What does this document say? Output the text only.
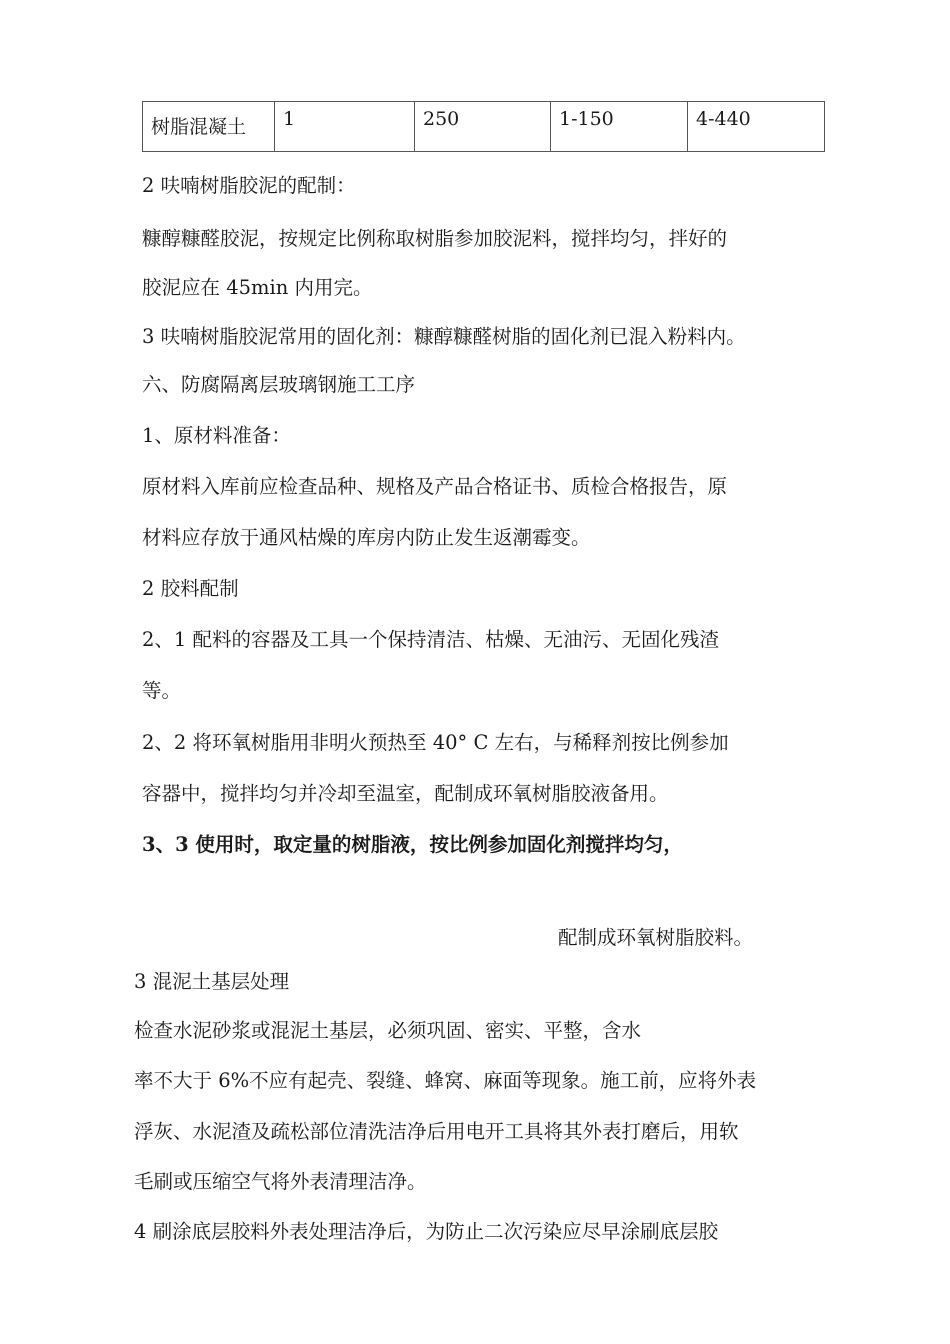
树脂混凝土	1	250	1-150	4-440
2 呋喃树脂胶泥的配制：
糠醇糠醛胶泥，按规定比例称取树脂参加胶泥料，搅拌均匀，拌好的
胶泥应在 45min 内用完。
3 呋喃树脂胶泥常用的固化剂：糠醇糠醛树脂的固化剂已混入粉料内。
六、防腐隔离层玻璃钢施工工序
1、原材料准备：
原材料入库前应检查品种、规格及产品合格证书、质检合格报告，原
材料应存放于通风枯燥的库房内防止发生返潮霉变。
2 胶料配制
2、1 配料的容器及工具一个保持清洁、枯燥、无油污、无固化残渣
等。
2、2 将环氧树脂用非明火预热至 40° C 左右，与稀释剂按比例参加
容器中，搅拌均匀并冷却至温室，配制成环氧树脂胶液备用。
3、3 使用时，取定量的树脂液，按比例参加固化剂搅拌均匀，
配制成环氧树脂胶料。
3 混泥土基层处理
检查水泥砂浆或混泥土基层，必须巩固、密实、平整，含水
率不大于 6%不应有起壳、裂缝、蜂窝、麻面等现象。施工前，应将外表
浮灰、水泥渣及疏松部位清洗洁净后用电开工具将其外表打磨后，用软
毛刷或压缩空气将外表清理洁净。
4 刷涂底层胶料外表处理洁净后，为防止二次污染应尽早涂刷底层胶
